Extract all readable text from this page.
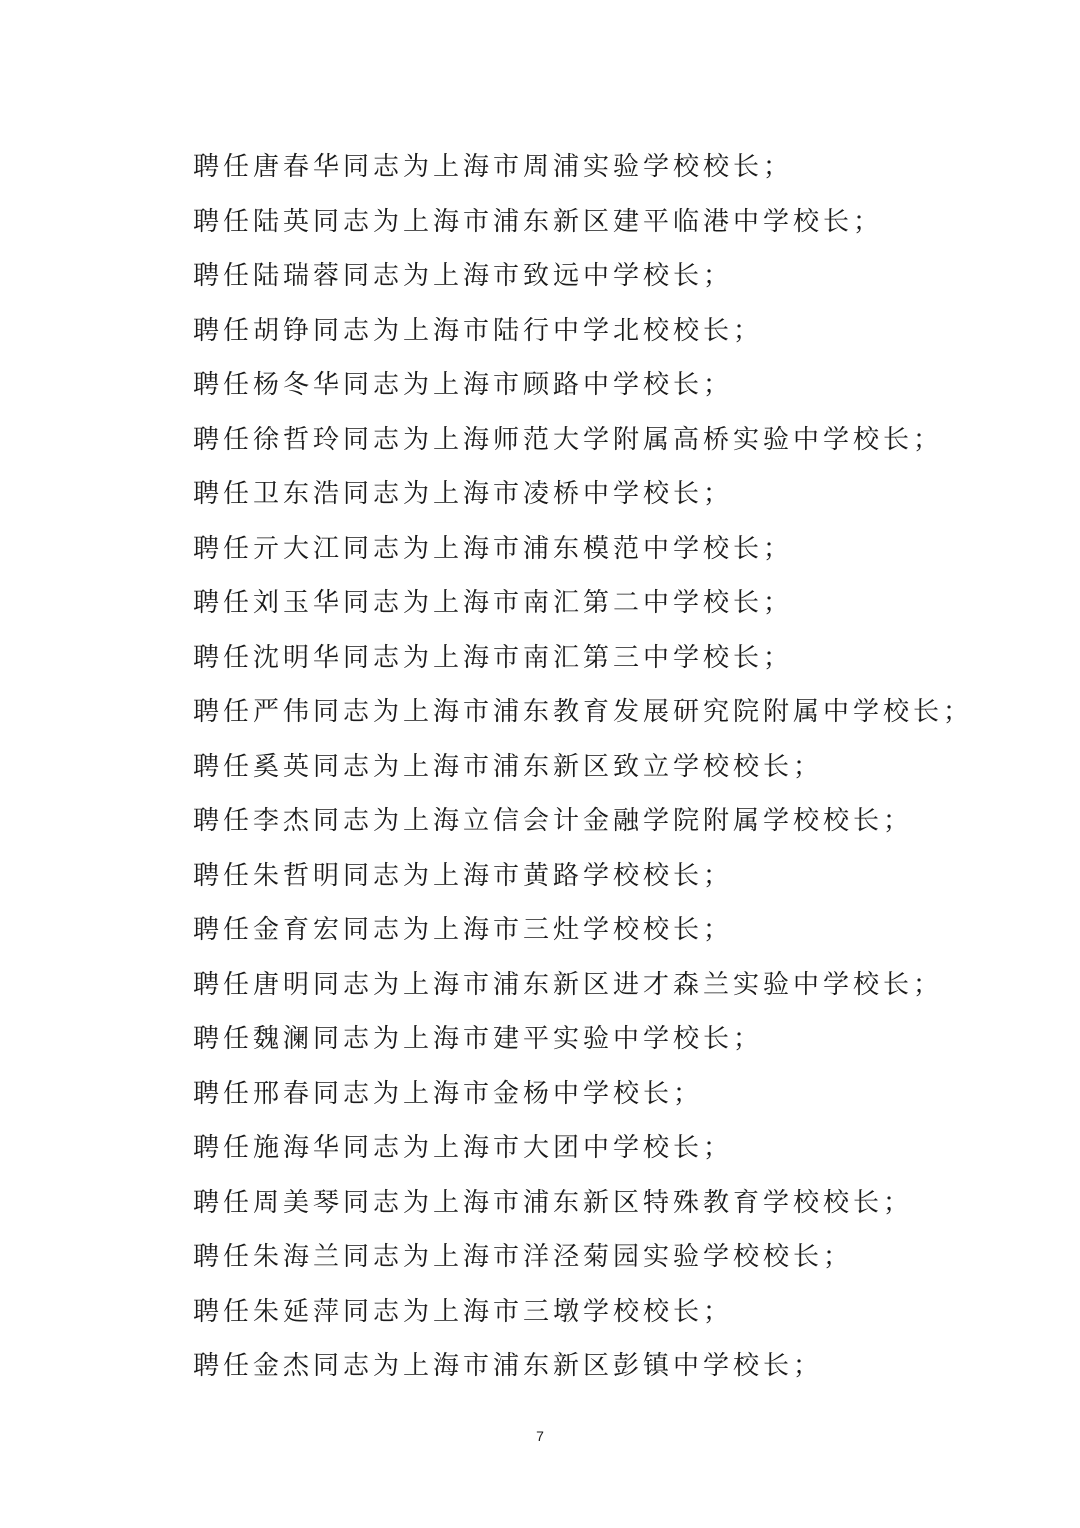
聘任唐春华同志为上海市周浦实验学校校长；
聘任陆英同志为上海市浦东新区建平临港中学校长；
聘任陆瑞蓉同志为上海市致远中学校长；
聘任胡铮同志为上海市陆行中学北校校长；
聘任杨冬华同志为上海市顾路中学校长；
聘任徐哲玲同志为上海师范大学附属高桥实验中学校长；
聘任卫东浩同志为上海市凌桥中学校长；
聘任亓大江同志为上海市浦东模范中学校长；
聘任刘玉华同志为上海市南汇第二中学校长；
聘任沈明华同志为上海市南汇第三中学校长；
聘任严伟同志为上海市浦东教育发展研究院附属中学校长；
聘任奚英同志为上海市浦东新区致立学校校长；
聘任李杰同志为上海立信会计金融学院附属学校校长；
聘任朱哲明同志为上海市黄路学校校长；
聘任金育宏同志为上海市三灶学校校长；
聘任唐明同志为上海市浦东新区进才森兰实验中学校长；
聘任魏澜同志为上海市建平实验中学校长；
聘任邢春同志为上海市金杨中学校长；
聘任施海华同志为上海市大团中学校长；
聘任周美琴同志为上海市浦东新区特殊教育学校校长；
聘任朱海兰同志为上海市洋泾菊园实验学校校长；
聘任朱延萍同志为上海市三墩学校校长；
聘任金杰同志为上海市浦东新区彭镇中学校长；
7
